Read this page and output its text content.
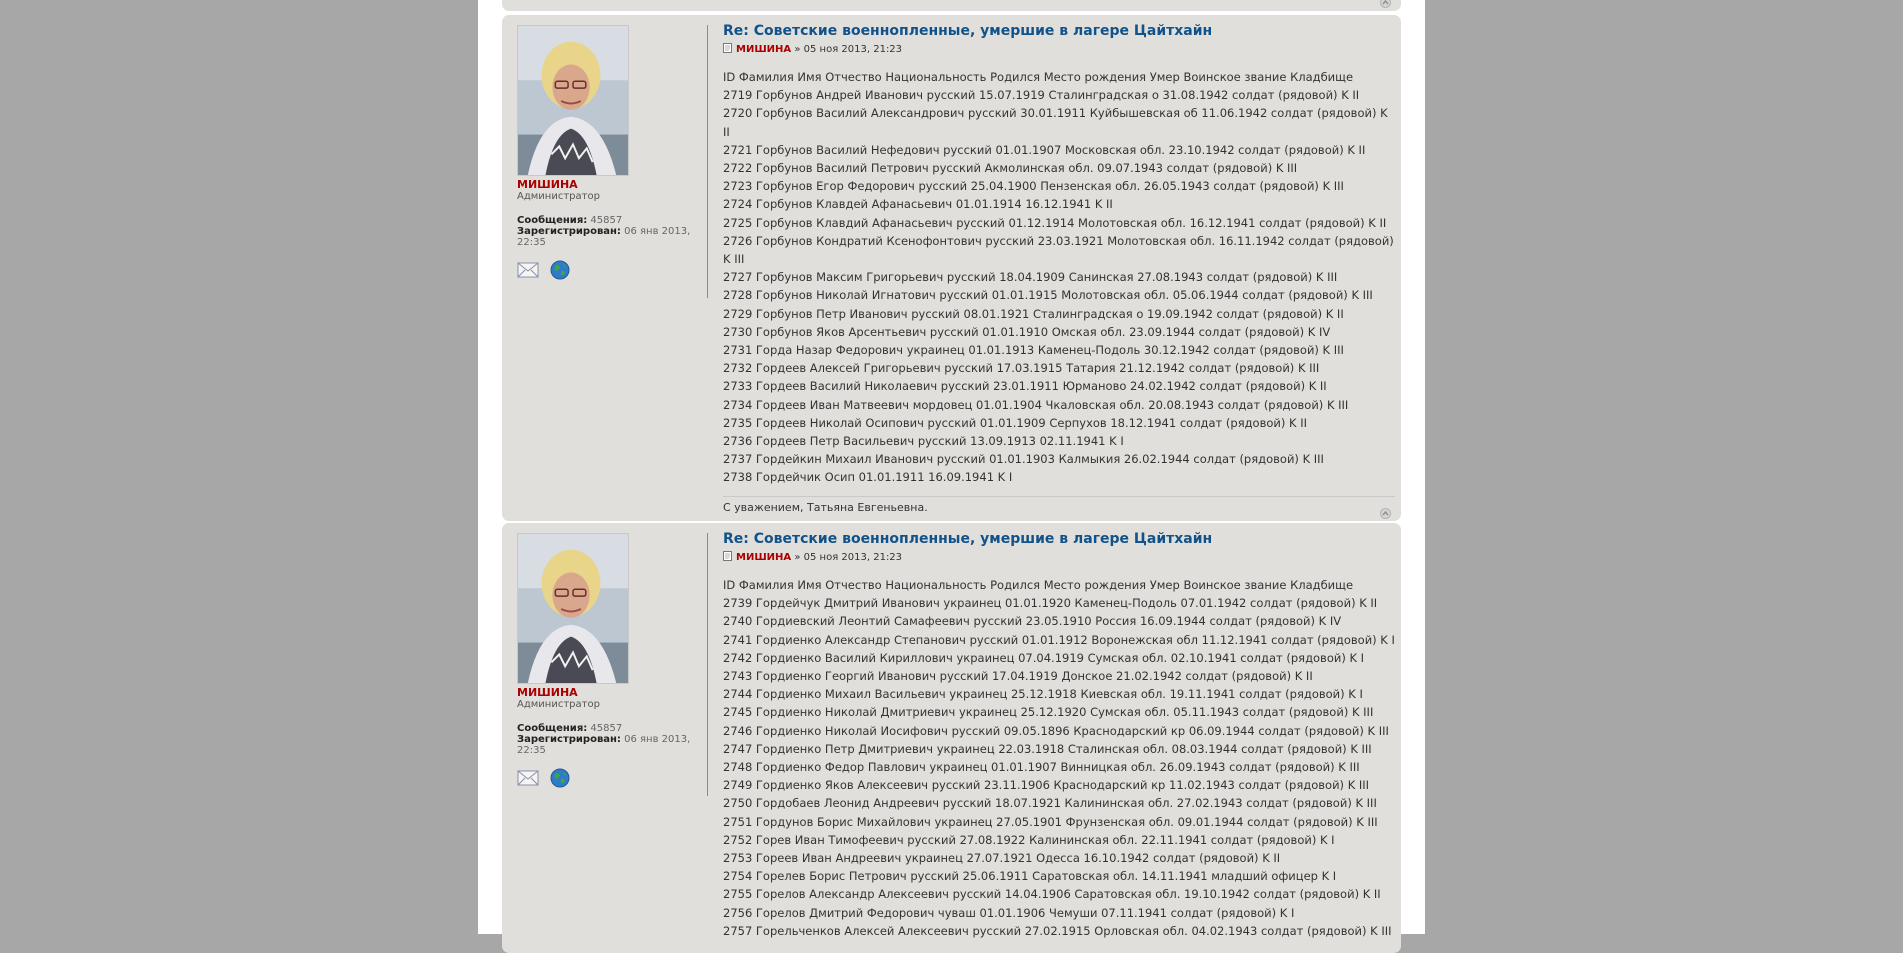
МИШИНА
Администратор
Сообщения: 45857
Зарегистрирован: 06 янв 2013,
22:35

Re: Советские военнопленные, умершие в лагере Цайтхайн
МИШИНА » 05 ноя 2013, 21:23
ID Фамилия Имя Отчество Национальность Родился Место рождения Умер Воинское звание Кладбище
2719 Горбунов Андрей Иванович русский 15.07.1919 Сталинградская о 31.08.1942 солдат (рядовой) K II
2720 Горбунов Василий Александрович русский 30.01.1911 Куйбышевская об 11.06.1942 солдат (рядовой) K II
2721 Горбунов Василий Нефедович русский 01.01.1907 Московская обл. 23.10.1942 солдат (рядовой) K II
2722 Горбунов Василий Петрович русский Акмолинская обл. 09.07.1943 солдат (рядовой) K III
2723 Горбунов Егор Федорович русский 25.04.1900 Пензенская обл. 26.05.1943 солдат (рядовой) K III
2724 Горбунов Клавдей Афанасьевич 01.01.1914 16.12.1941 K II
2725 Горбунов Клавдий Афанасьевич русский 01.12.1914 Молотовская обл. 16.12.1941 солдат (рядовой) K II
2726 Горбунов Кондратий Ксенофонтович русский 23.03.1921 Молотовская обл. 16.11.1942 солдат (рядовой)
K III
2727 Горбунов Максим Григорьевич русский 18.04.1909 Санинская 27.08.1943 солдат (рядовой) K III
2728 Горбунов Николай Игнатович русский 01.01.1915 Молотовская обл. 05.06.1944 солдат (рядовой) K III
2729 Горбунов Петр Иванович русский 08.01.1921 Сталинградская о 19.09.1942 солдат (рядовой) K II
2730 Горбунов Яков Арсентьевич русский 01.01.1910 Омская обл. 23.09.1944 солдат (рядовой) K IV
2731 Горда Назар Федорович украинец 01.01.1913 Каменец-Подоль 30.12.1942 солдат (рядовой) K III
2732 Гордеев Алексей Григорьевич русский 17.03.1915 Татария 21.12.1942 солдат (рядовой) K III
2733 Гордеев Василий Николаевич русский 23.01.1911 Юрманово 24.02.1942 солдат (рядовой) K II
2734 Гордеев Иван Матвеевич мордовец 01.01.1904 Чкаловская обл. 20.08.1943 солдат (рядовой) K III
2735 Гордеев Николай Осипович русский 01.01.1909 Серпухов 18.12.1941 солдат (рядовой) K II
2736 Гордеев Петр Васильевич русский 13.09.1913 02.11.1941 K I
2737 Гордейкин Михаил Иванович русский 01.01.1903 Калмыкия 26.02.1944 солдат (рядовой) K III
2738 Гордейчик Осип 01.01.1911 16.09.1941 K I
С уважением, Татьяна Евгеньевна.
МИШИНА
Администратор
Сообщения: 45857
Зарегистрирован: 06 янв 2013,
22:35

Re: Советские военнопленные, умершие в лагере Цайтхайн
МИШИНА » 05 ноя 2013, 21:23
ID Фамилия Имя Отчество Национальность Родился Место рождения Умер Воинское звание Кладбище
2739 Гордейчук Дмитрий Иванович украинец 01.01.1920 Каменец-Подоль 07.01.1942 солдат (рядовой) K II
2740 Гордиевский Леонтий Самафеевич русский 23.05.1910 Россия 16.09.1944 солдат (рядовой) K IV
2741 Гордиенко Александр Степанович русский 01.01.1912 Воронежская обл 11.12.1941 солдат (рядовой) K I
2742 Гордиенко Василий Кириллович украинец 07.04.1919 Сумская обл. 02.10.1941 солдат (рядовой) K I
2743 Гордиенко Георгий Иванович русский 17.04.1919 Донское 21.02.1942 солдат (рядовой) K II
2744 Гордиенко Михаил Васильевич украинец 25.12.1918 Киевская обл. 19.11.1941 солдат (рядовой) K I
2745 Гордиенко Николай Дмитриевич украинец 25.12.1920 Сумская обл. 05.11.1943 солдат (рядовой) K III
2746 Гордиенко Николай Иосифович русский 09.05.1896 Краснодарский кр 06.09.1944 солдат (рядовой) K III
2747 Гордиенко Петр Дмитриевич украинец 22.03.1918 Сталинская обл. 08.03.1944 солдат (рядовой) K III
2748 Гордиенко Федор Павлович украинец 01.01.1907 Винницкая обл. 26.09.1943 солдат (рядовой) K III
2749 Гордиенко Яков Алексеевич русский 23.11.1906 Краснодарский кр 11.02.1943 солдат (рядовой) K III
2750 Гордобаев Леонид Андреевич русский 18.07.1921 Калининская обл. 27.02.1943 солдат (рядовой) K III
2751 Гордунов Борис Михайлович украинец 27.05.1901 Фрунзенская обл. 09.01.1944 солдат (рядовой) K III
2752 Горев Иван Тимофеевич русский 27.08.1922 Калининская обл. 22.11.1941 солдат (рядовой) K I
2753 Гореев Иван Андреевич украинец 27.07.1921 Одесса 16.10.1942 солдат (рядовой) K II
2754 Горелев Борис Петрович русский 25.06.1911 Саратовская обл. 14.11.1941 младший офицер K I
2755 Горелов Александр Алексеевич русский 14.04.1906 Саратовская обл. 19.10.1942 солдат (рядовой) K II
2756 Горелов Дмитрий Федорович чуваш 01.01.1906 Чемуши 07.11.1941 солдат (рядовой) K I
2757 Горельченков Алексей Алексеевич русский 27.02.1915 Орловская обл. 04.02.1943 солдат (рядовой) K III
